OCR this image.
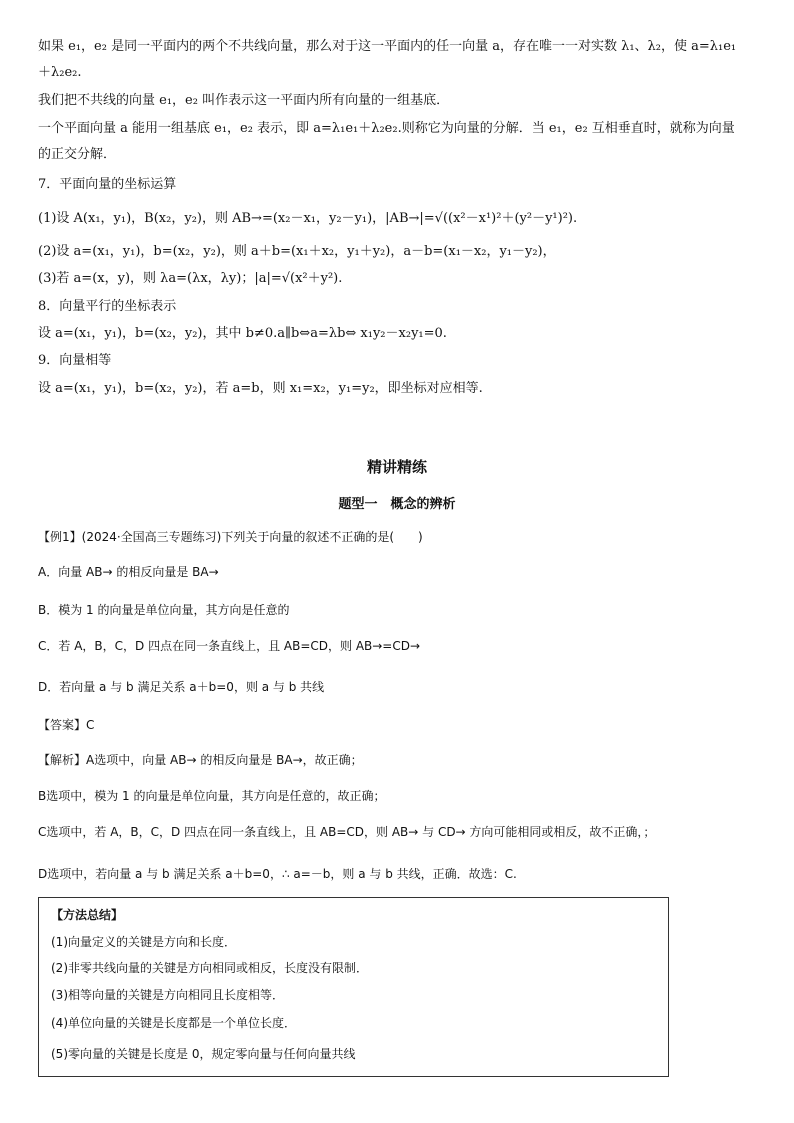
如果 e₁，e₂ 是同一平面内的两个不共线向量，那么对于这一平面内的任一向量 a，存在唯一一对实数 λ₁、λ₂，使 a=λ₁e₁
＋λ₂e₂.
我们把不共线的向量 e₁，e₂ 叫作表示这一平面内所有向量的一组基底．
一个平面向量 a 能用一组基底 e₁，e₂ 表示，即 a=λ₁e₁＋λ₂e₂.则称它为向量的分解．当 e₁，e₂ 互相垂直时，就称为向量
的正交分解．
7．平面向量的坐标运算
(1)设 A(x₁，y₁)，B(x₂，y₂)，则 AB→=(x₂－x₁，y₂－y₁)，|AB→|=√((x²－x¹)²＋(y²－y¹)²).
(2)设 a=(x₁，y₁)，b=(x₂，y₂)，则 a＋b=(x₁＋x₂，y₁＋y₂)，a－b=(x₁－x₂，y₁－y₂)，
(3)若 a=(x，y)，则 λa=(λx，λy)；|a|=√(x²＋y²).
8．向量平行的坐标表示
设 a=(x₁，y₁)，b=(x₂，y₂)，其中 b≠0.a∥b⇔a=λb⇔ x₁y₂－x₂y₁=0.
9．向量相等
设 a=(x₁，y₁)，b=(x₂，y₂)，若 a=b，则 x₁=x₂，y₁=y₂，即坐标对应相等.
精讲精练
题型一　概念的辨析
【例1】(2024·全国高三专题练习)下列关于向量的叙述不正确的是(　　)
A．向量 AB→ 的相反向量是 BA→
B．模为 1 的向量是单位向量，其方向是任意的
C．若 A，B，C，D 四点在同一条直线上，且 AB=CD，则 AB→=CD→
D．若向量 a 与 b 满足关系 a＋b=0，则 a 与 b 共线
【答案】C
【解析】A选项中，向量 AB→ 的相反向量是 BA→，故正确；
B选项中，模为 1 的向量是单位向量，其方向是任意的，故正确；
C选项中，若 A，B，C，D 四点在同一条直线上，且 AB=CD，则 AB→ 与 CD→ 方向可能相同或相反，故不正确，；
D选项中，若向量 a 与 b 满足关系 a＋b=0，∴ a=－b，则 a 与 b 共线，正确．故选：C.
【方法总结】
(1)向量定义的关键是方向和长度．
(2)非零共线向量的关键是方向相同或相反，长度没有限制．
(3)相等向量的关键是方向相同且长度相等．
(4)单位向量的关键是长度都是一个单位长度．
(5)零向量的关键是长度是 0，规定零向量与任何向量共线
